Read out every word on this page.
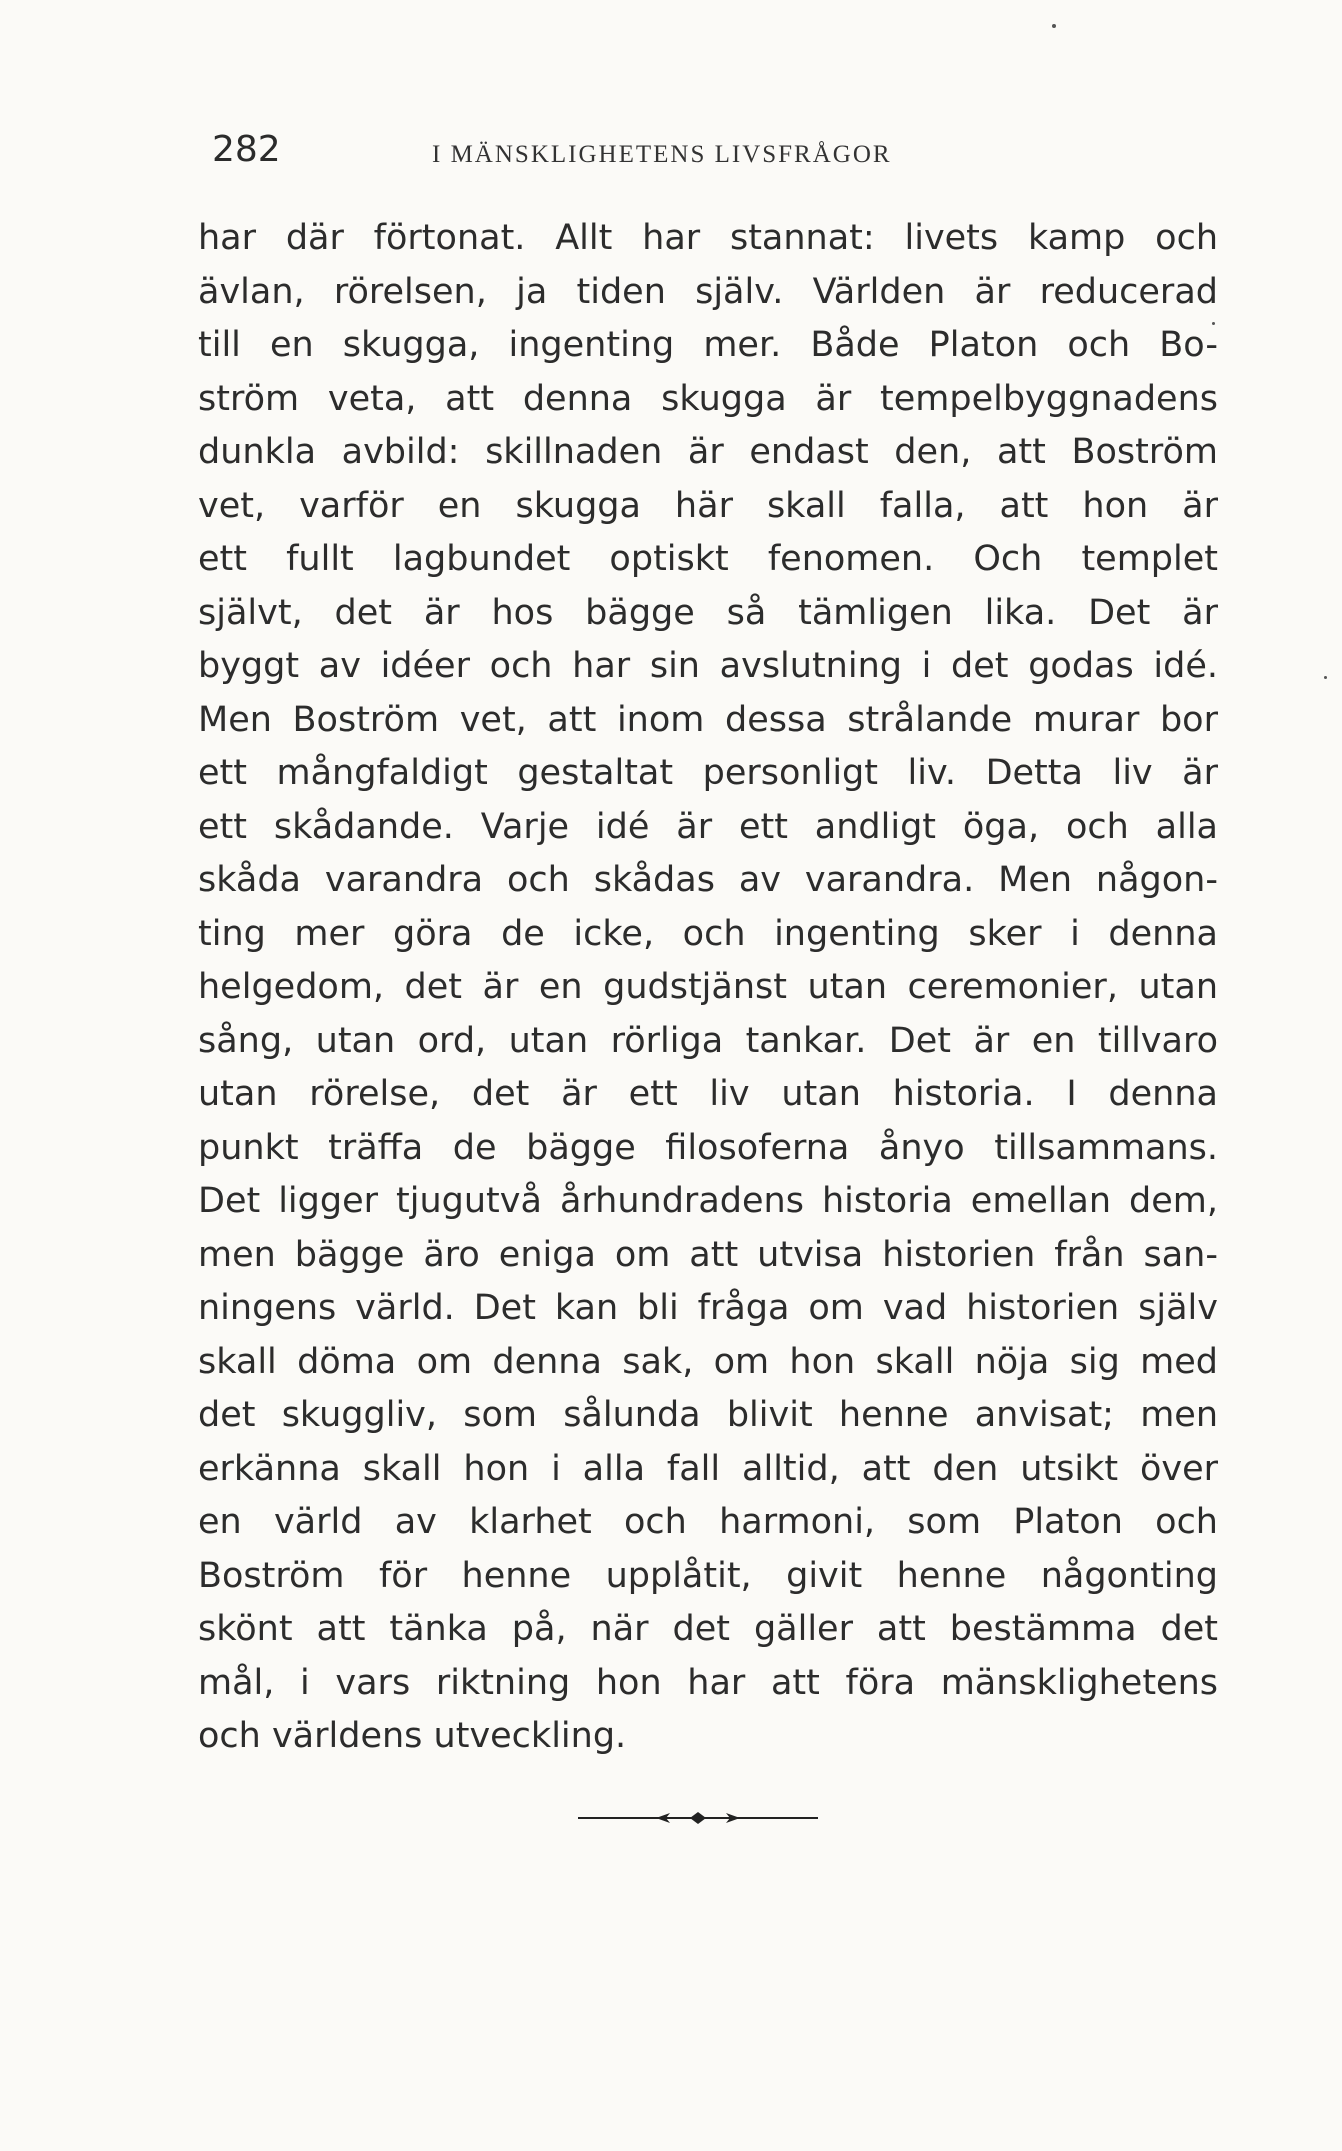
282	I MÄNSKLIGHETENS LIVSFRÅGOR
har där förtonat. Allt har stannat: livets kamp och
ävlan, rörelsen, ja tiden själv. Världen är reducerad
till en skugga, ingenting mer. Både Platon och Bo-
ström veta, att denna skugga är tempelbyggnadens
dunkla avbild: skillnaden är endast den, att Boström
vet, varför en skugga här skall falla, att hon är
ett fullt lagbundet optiskt fenomen. Och templet
självt, det är hos bägge så tämligen lika. Det är
byggt av idéer och har sin avslutning i det godas idé.
Men Boström vet, att inom dessa strålande murar bor
ett mångfaldigt gestaltat personligt liv. Detta liv är
ett skådande. Varje idé är ett andligt öga, och alla
skåda varandra och skådas av varandra. Men någon-
ting mer göra de icke, och ingenting sker i denna
helgedom, det är en gudstjänst utan ceremonier, utan
sång, utan ord, utan rörliga tankar. Det är en tillvaro
utan rörelse, det är ett liv utan historia. I denna
punkt träffa de bägge filosoferna ånyo tillsammans.
Det ligger tjugutvå århundradens historia emellan dem,
men bägge äro eniga om att utvisa historien från san-
ningens värld. Det kan bli fråga om vad historien själv
skall döma om denna sak, om hon skall nöja sig med
det skuggliv, som sålunda blivit henne anvisat; men
erkänna skall hon i alla fall alltid, att den utsikt över
en värld av klarhet och harmoni, som Platon och
Boström för henne upplåtit, givit henne någonting
skönt att tänka på, när det gäller att bestämma det
mål, i vars riktning hon har att föra mänsklighetens
och världens utveckling.
